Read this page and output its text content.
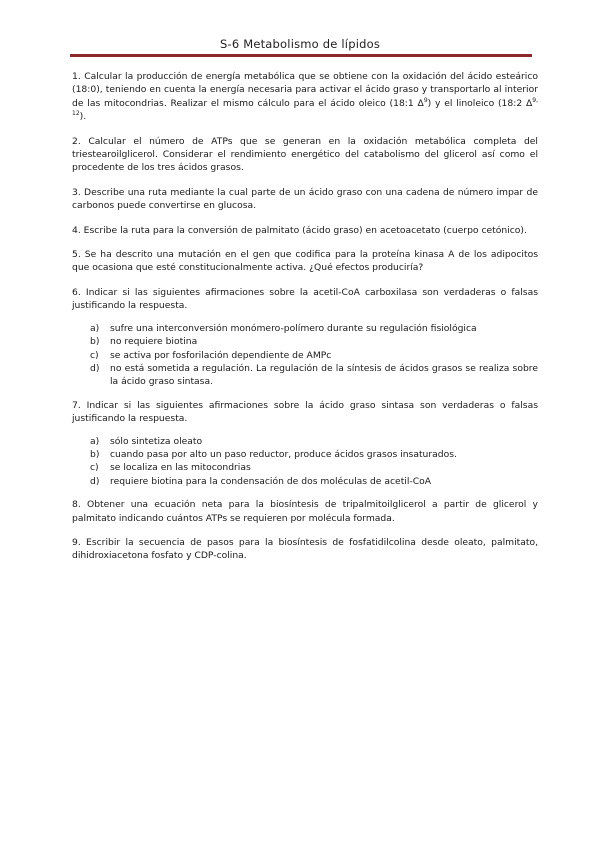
S-6 Metabolismo de lípidos

1. Calcular la producción de energía metabólica que se obtiene con la oxidación del ácido esteárico (18:0), teniendo en cuenta la energía necesaria para activar el ácido graso y transportarlo al interior de las mitocondrias. Realizar el mismo cálculo para el ácido oleico (18:1 $\Delta^9$) y el linoleico (18:2 Δ$^{9, 12}$).

2. Calcular el número de ATPs que se generan en la oxidación metabólica completa del triestearoilglicerol. Considerar el rendimiento energético del catabolismo del glicerol así como el procedente de los tres ácidos grasos.

3. Describe una ruta mediante la cual parte de un ácido graso con una cadena de número impar de carbonos puede convertirse en glucosa.

4. Escribe la ruta para la conversión de palmitato (ácido graso) en acetoacetato (cuerpo cetónico).

5. Se ha descrito una mutación en el gen que codifica para la proteína kinasa A de los adipocitos que ocasiona que esté constitucionalmente activa. ¿Qué efectos produciría?

6. Indicar si las siguientes afirmaciones sobre la acetil-CoA carboxilasa son verdaderas o falsas justificando la respuesta.

a) sufre una interconversión monómero-polímero durante su regulación fisiológica
b) no requiere biotina
c) se activa por fosforilación dependiente de AMPc
d) no está sometida a regulación. La regulación de la síntesis de ácidos grasos se realiza sobre la ácido graso sintasa.

7. Indicar si las siguientes afirmaciones sobre la ácido graso sintasa son verdaderas o falsas justificando la respuesta.

a) sólo sintetiza oleato
b) cuando pasa por alto un paso reductor, produce ácidos grasos insaturados.
c) se localiza en las mitocondrias
d) requiere biotina para la condensación de dos moléculas de acetil-CoA

8. Obtener una ecuación neta para la biosíntesis de tripalmitoilglicerol a partir de glicerol y palmitato indicando cuántos ATPs se requieren por molécula formada.

9. Escribir la secuencia de pasos para la biosíntesis de fosfatidilcolina desde oleato, palmitato, dihidroxiacetona fosfato y CDP-colina.
